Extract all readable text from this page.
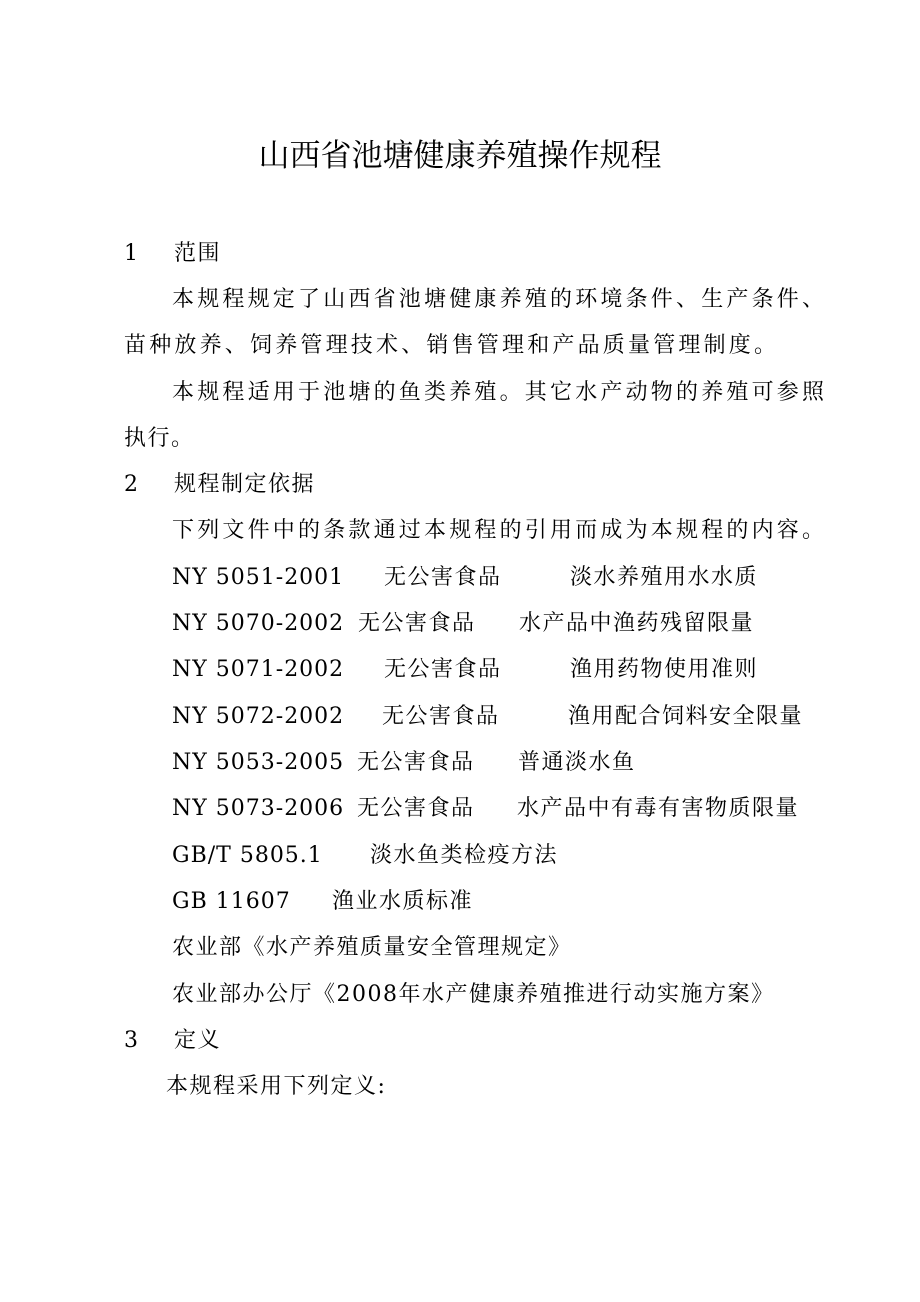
山西省池塘健康养殖操作规程
1 范围
本规程规定了山西省池塘健康养殖的环境条件、生产条件、
苗种放养、饲养管理技术、销售管理和产品质量管理制度。
本规程适用于池塘的鱼类养殖。其它水产动物的养殖可参照
执行。
2 规程制定依据
下列文件中的条款通过本规程的引用而成为本规程的内容。
NY 5051-2001 无公害食品	淡水养殖用水水质
NY 5070-2002 无公害食品 水产品中渔药残留限量
NY 5071-2002 无公害食品	渔用药物使用准则
NY 5072-2002 无公害食品	渔用配合饲料安全限量
NY 5053-2005 无公害食品 普通淡水鱼
NY 5073-2006 无公害食品 水产品中有毒有害物质限量
GB/T 5805.1 淡水鱼类检疫方法
GB 11607 渔业水质标准
农业部《水产养殖质量安全管理规定》
农业部办公厅《2008年水产健康养殖推进行动实施方案》
3 定义
本规程采用下列定义:
